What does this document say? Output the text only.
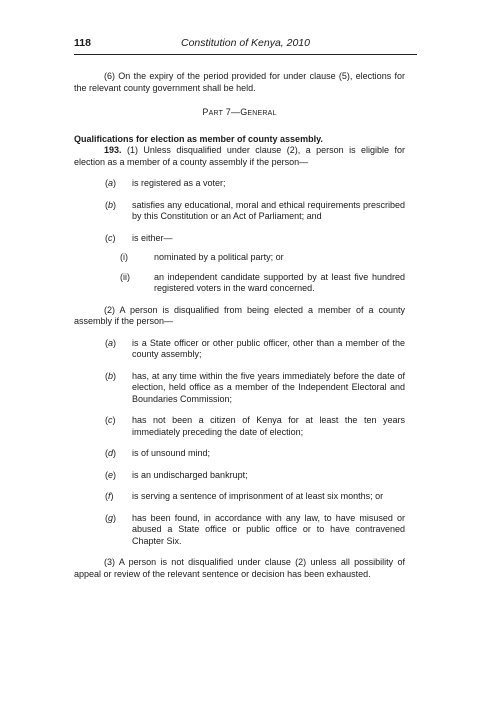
118	Constitution of Kenya, 2010

(6) On the expiry of the period provided for under clause (5), elections for the relevant county government shall be held.

PART 7—GENERAL

Qualifications for election as member of county assembly.

193. (1) Unless disqualified under clause (2), a person is eligible for election as a member of a county assembly if the person—

(a) is registered as a voter;
(b) satisfies any educational, moral and ethical requirements prescribed by this Constitution or an Act of Parliament; and
(c) is either—
(i)	nominated by a political party; or
(ii)	an independent candidate supported by at least five hundred registered voters in the ward concerned.

(2) A person is disqualified from being elected a member of a county assembly if the person—

(a) is a State officer or other public officer, other than a member of the county assembly;
(b) has, at any time within the five years immediately before the date of election, held office as a member of the Independent Electoral and Boundaries Commission;
(c) has not been a citizen of Kenya for at least the ten years immediately preceding the date of election;
(d) is of unsound mind;
(e) is an undischarged bankrupt;
(f) is serving a sentence of imprisonment of at least six months; or
(g) has been found, in accordance with any law, to have misused or abused a State office or public office or to have contravened Chapter Six.

(3) A person is not disqualified under clause (2) unless all possibility of appeal or review of the relevant sentence or decision has been exhausted.
